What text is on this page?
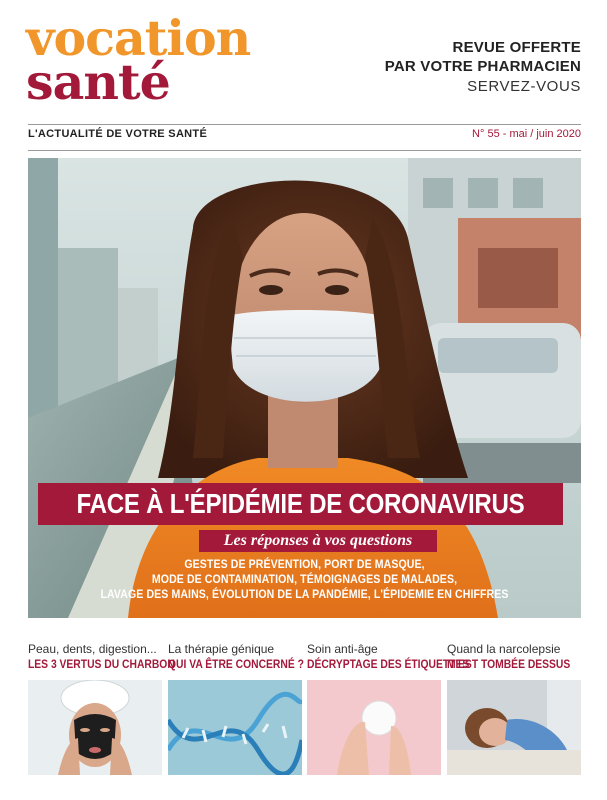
vocation
santé
REVUE OFFERTE
PAR VOTRE PHARMACIEN
SERVEZ-VOUS
L'ACTUALITÉ DE VOTRE SANTÉ	N° 55 - mai / juin 2020
FACE À L'ÉPIDÉMIE DE CORONAVIRUS
Les réponses à vos questions
GESTES DE PRÉVENTION, PORT DE MASQUE,
MODE DE CONTAMINATION, TÉMOIGNAGES DE MALADES,
LAVAGE DES MAINS, ÉVOLUTION DE LA PANDÉMIE, L'ÉPIDEMIE EN CHIFFRES
Peau, dents, digestion...
LES 3 VERTUS DU CHARBON
La thérapie génique
QUI VA ÊTRE CONCERNÉ ?
Soin anti-âge
DÉCRYPTAGE DES ÉTIQUETTES
Quand la narcolepsie
M'EST TOMBÉE DESSUS
